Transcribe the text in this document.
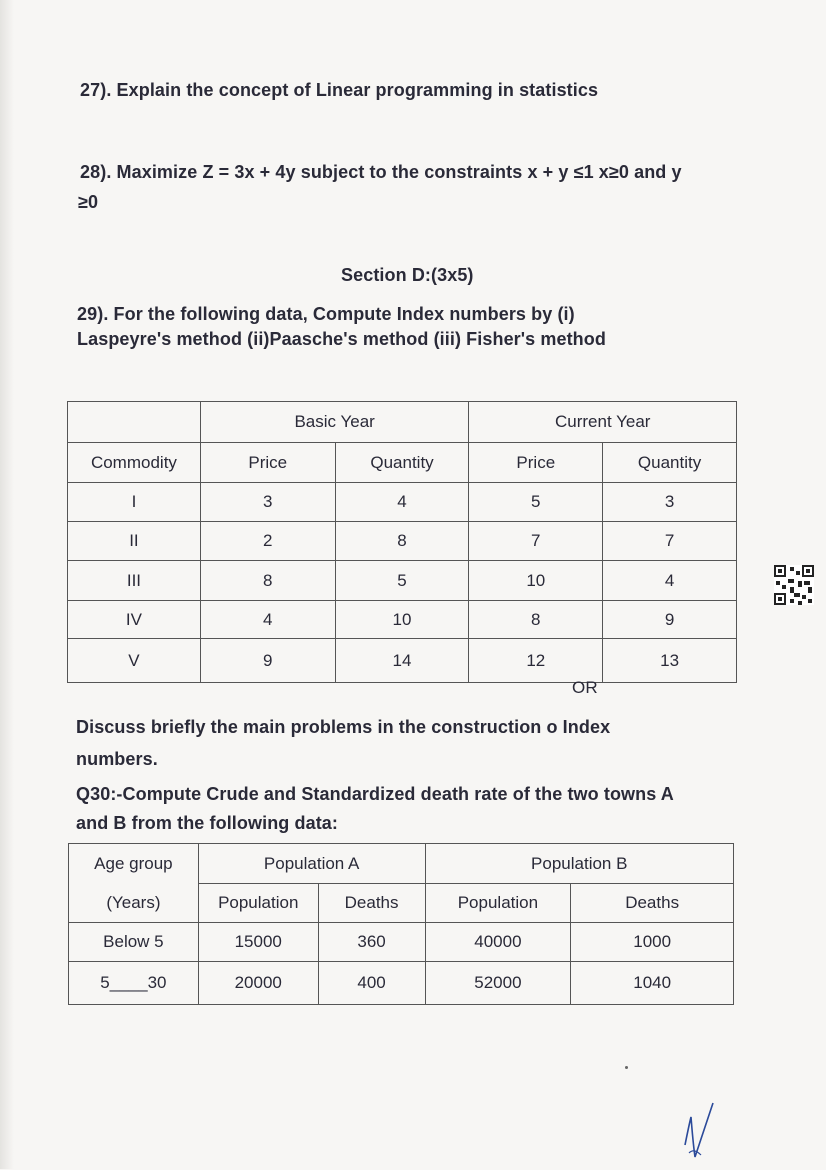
27). Explain the concept of Linear programming in statistics
28). Maximize Z = 3x + 4y subject to the constraints x + y ≤1 x≥0 and y
≥0
Section D:(3x5)
29). For the following data, Compute Index numbers by (i)
Laspeyre's method (ii)Paasche's method (iii) Fisher's method
	Basic Year		Current Year	
Commodity	Price	Quantity	Price	Quantity
I	3	4	5	3
II	2	8	7	7
III	8	5	10	4
IV	4	10	8	9
V	9	14	12	13
OR
Discuss briefly the main problems in the construction o Index
numbers.
Q30:-Compute Crude and Standardized death rate of the two towns A
and B from the following data:
Age group	Population A		Population B	
(Years)	Population	Deaths	Population	Deaths
Below 5	15000	360	40000	1000
5____30	20000	400	52000	1040
